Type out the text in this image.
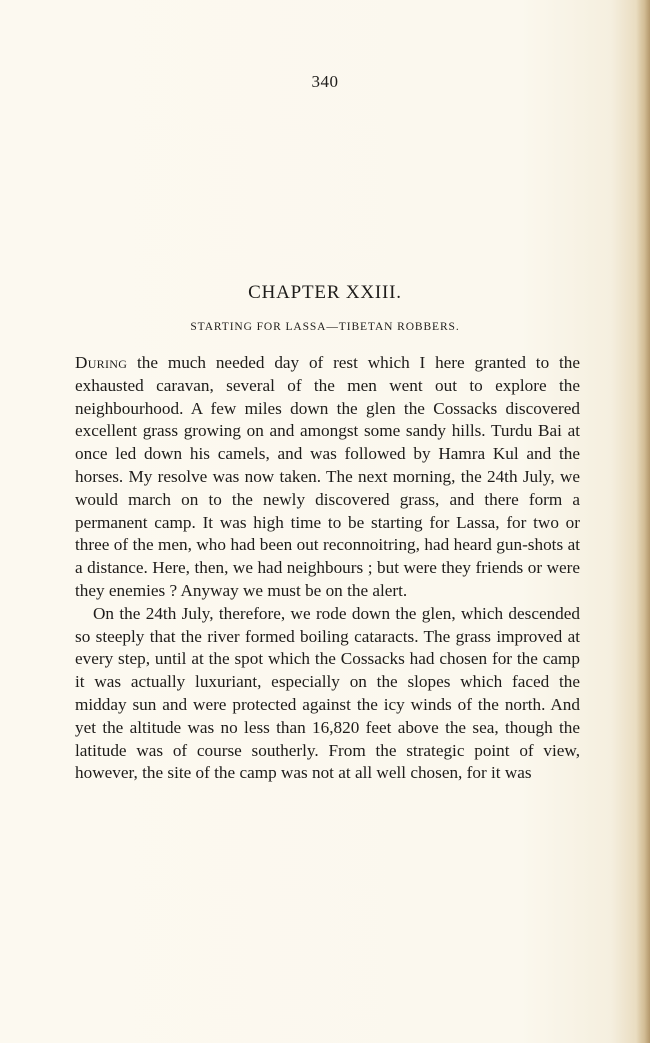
340
CHAPTER XXIII.
STARTING FOR LASSA—TIBETAN ROBBERS.

During the much needed day of rest which I here granted to the exhausted caravan, several of the men went out to explore the neighbourhood. A few miles down the glen the Cossacks discovered excellent grass growing on and amongst some sandy hills. Turdu Bai at once led down his camels, and was followed by Hamra Kul and the horses. My resolve was now taken. The next morning, the 24th July, we would march on to the newly discovered grass, and there form a permanent camp. It was high time to be starting for Lassa, for two or three of the men, who had been out reconnoitring, had heard gun-shots at a distance. Here, then, we had neighbours ; but were they friends or were they enemies ? Anyway we must be on the alert.

On the 24th July, therefore, we rode down the glen, which descended so steeply that the river formed boiling cataracts. The grass improved at every step, until at the spot which the Cossacks had chosen for the camp it was actually luxuriant, especially on the slopes which faced the midday sun and were protected against the icy winds of the north. And yet the altitude was no less than 16,820 feet above the sea, though the latitude was of course southerly. From the strategic point of view, however, the site of the camp was not at all well chosen, for it was
